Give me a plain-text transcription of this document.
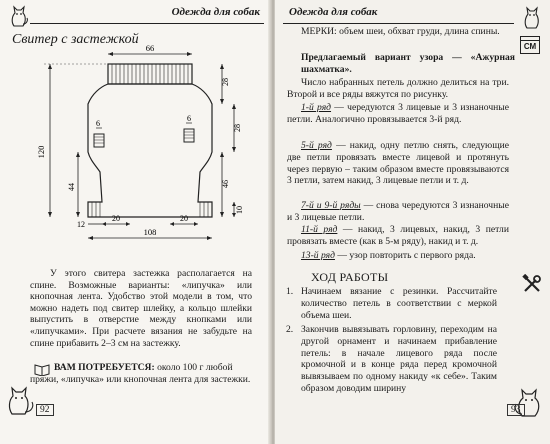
Одежда для собак
Свитер с застежкой
6
6
66
120
44
28
28
46
10
12
20	20
108
У этого свитера застежка располагается на спине. Возможные варианты: «липучка» или кнопочная лента. Удобство этой модели в том, что можно надеть под свитер шлейку, а кольцо шлейки выпустить в отверстие между кнопками или «липучками». При расчете вязания не забудьте на спине прибавить 2–3 см на застежку.
ВАМ ПОТРЕБУЕТСЯ: около 100 г любой пряжи, «липучка» или кнопочная лента для застежки.
92
Одежда для собак
СМ
МЕРКИ: объем шеи, обхват груди, длина спины.
Предлагаемый вариант узора — «Ажурная шахматка».
Число набранных петель должно делиться на три. Второй и все ряды вяжутся по рисунку.
1-й ряд — чередуются 3 лицевые и 3 изнаночные петли. Аналогично провязывается 3-й ряд.
5-й ряд — накид, одну петлю снять, следующие две петли провязать вместе лицевой и протянуть через первую – таким образом вместе провязываются 3 петли, затем накид, 3 лицевые петли и т. д.
7-й и 9-й ряды — снова чередуются 3 изнаночные и 3 лицевые петли.
11-й ряд — накид, 3 лицевых, накид, 3 петли провязать вместе (как в 5-м ряду), накид и т. д.
13-й ряд — узор повторить с первого ряда.
ХОД РАБОТЫ
1. Начинаем вязание с резинки. Рассчитайте количество петель в соответствии с меркой объема шеи.
2. Закончив вывязывать горловину, переходим на другой орнамент и начинаем прибавление петель: в начале лицевого ряда после кромочной и в конце ряда перед кромочной вывязываем по одному накиду «к себе». Таким образом доводим ширину
93
